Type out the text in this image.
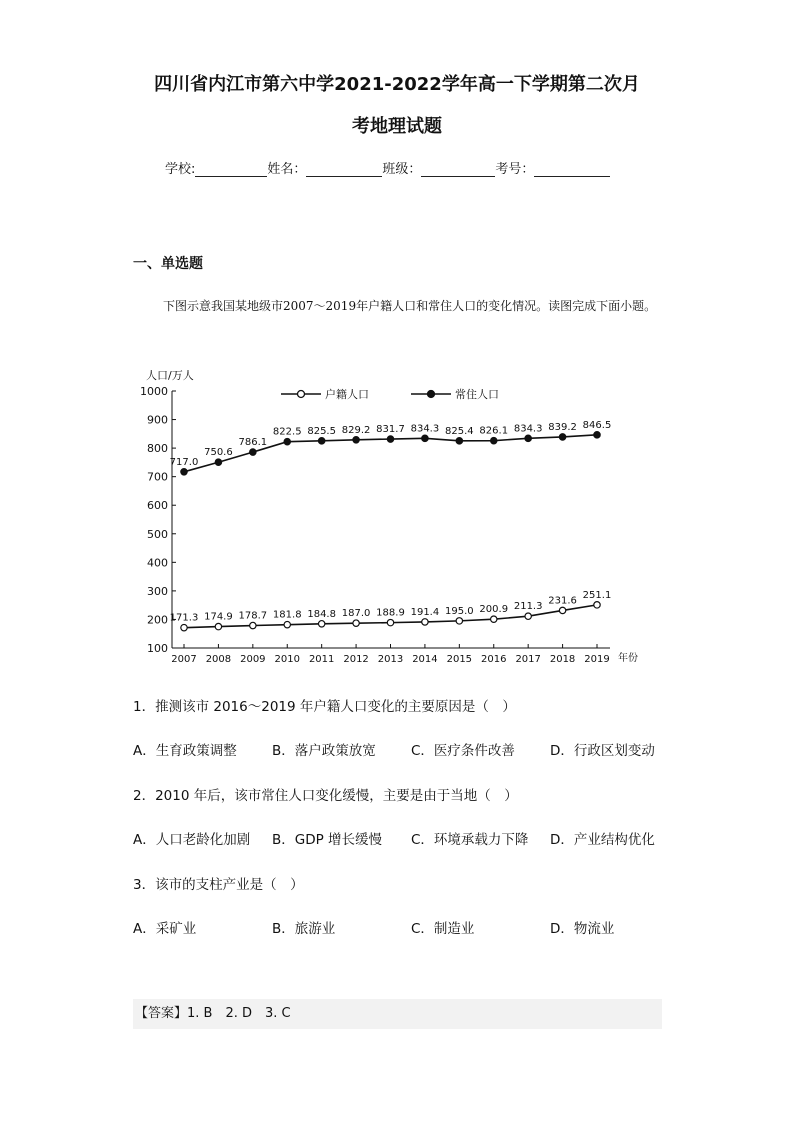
四川省内江市第六中学2021-2022学年高一下学期第二次月
考地理试题
学校:	姓名：	班级：	考号：
一、单选题
下图示意我国某地级市2007～2019年户籍人口和常住人口的变化情况。读图完成下面小题。
人口/万人
户籍人口	常住人口
1000
900
800
700
600
500
400
300
200
100
2007 2008 2009 2010 2011 2012 2013 2014 2015 2016 2017 2018 2019
171.3 174.9 178.7 181.8 184.8 187.0 188.9 191.4 195.0 200.9 211.3
231.6
251.1
717.0
750.6
786.1
822.5 825.5 829.2 831.7 834.3 825.4 826.1 834.3 839.2 846.5
年份
1．推测该市 2016～2019 年户籍人口变化的主要原因是（　）
A．生育政策调整	B．落户政策放宽	C．医疗条件改善	D．行政区划变动
2．2010 年后，该市常住人口变化缓慢，主要是由于当地（　）
A．人口老龄化加剧 B．GDP 增长缓慢 C．环境承载力下降 D．产业结构优化
3．该市的支柱产业是（　）
A．采矿业	B．旅游业	C．制造业	D．物流业
【答案】1. B　2. D　3. C
